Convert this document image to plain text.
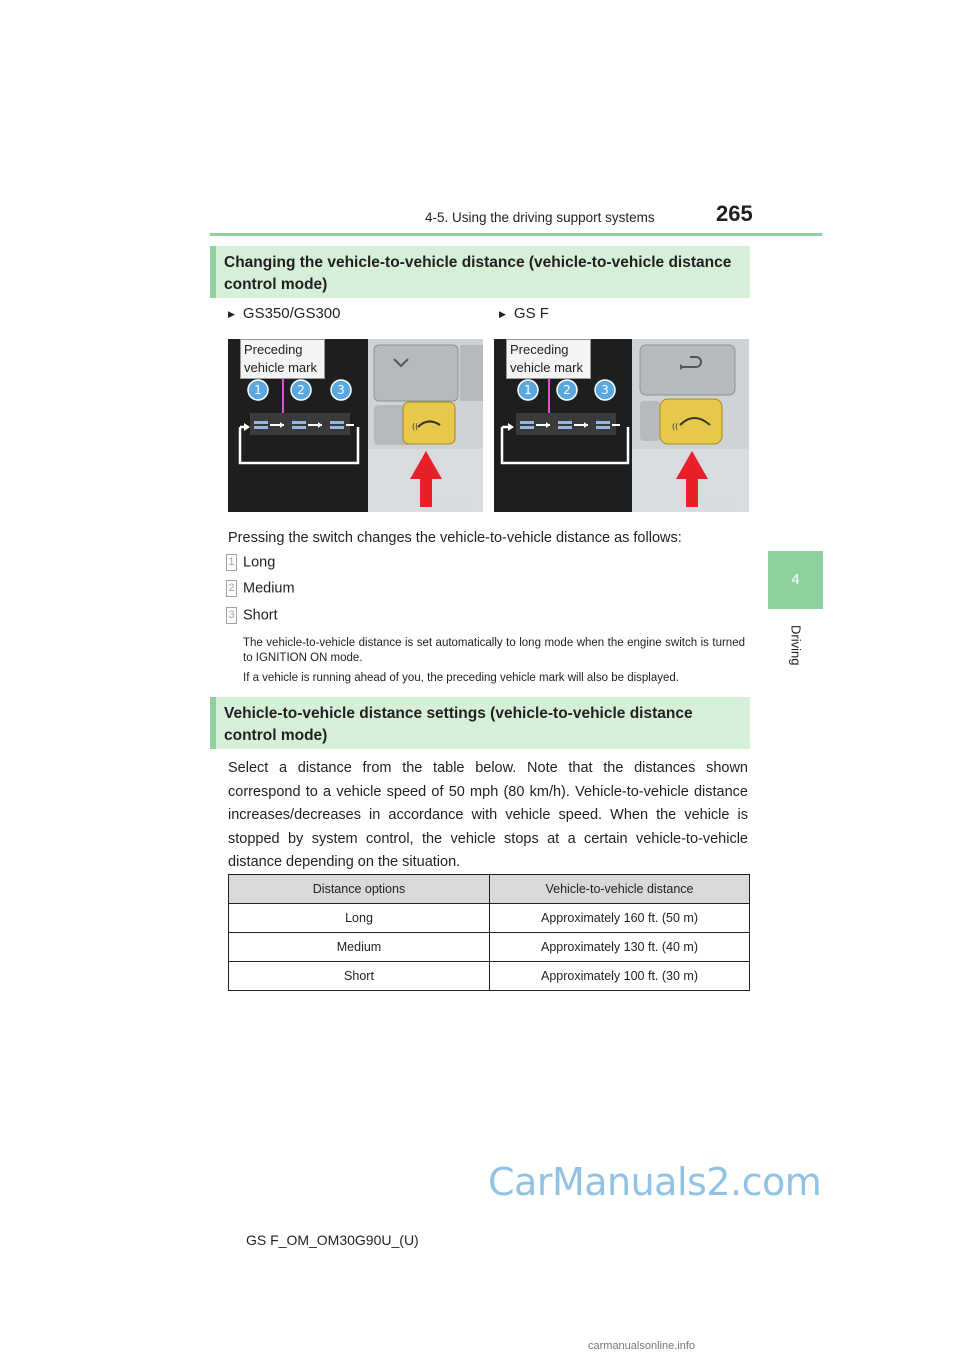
4-5. Using the driving support systems	265
4
Driving
Changing the vehicle-to-vehicle distance (vehicle-to-vehicle distance control mode)
▶ GS350/GS300	▶ GS F
((
1	2	3
Preceding vehicle mark
IN45GS317
((
1	2	3
Preceding vehicle mark
IN45GF317
Pressing the switch changes the vehicle-to-vehicle distance as follows:
1 Long
2 Medium
3 Short
The vehicle-to-vehicle distance is set automatically to long mode when the engine switch is turned to IGNITION ON mode.
If a vehicle is running ahead of you, the preceding vehicle mark will also be displayed.
Vehicle-to-vehicle distance settings (vehicle-to-vehicle distance control mode)
Select a distance from the table below. Note that the distances shown correspond to a vehicle speed of 50 mph (80 km/h). Vehicle-to-vehicle distance increases/decreases in accordance with vehicle speed. When the vehicle is stopped by system control, the vehicle stops at a certain vehicle-to-vehicle distance depending on the situation.
Distance options	Vehicle-to-vehicle distance
Long	Approximately 160 ft. (50 m)
Medium	Approximately 130 ft. (40 m)
Short	Approximately 100 ft. (30 m)
CarManuals2.com
GS F_OM_OM30G90U_(U)
carmanualsonline.info
